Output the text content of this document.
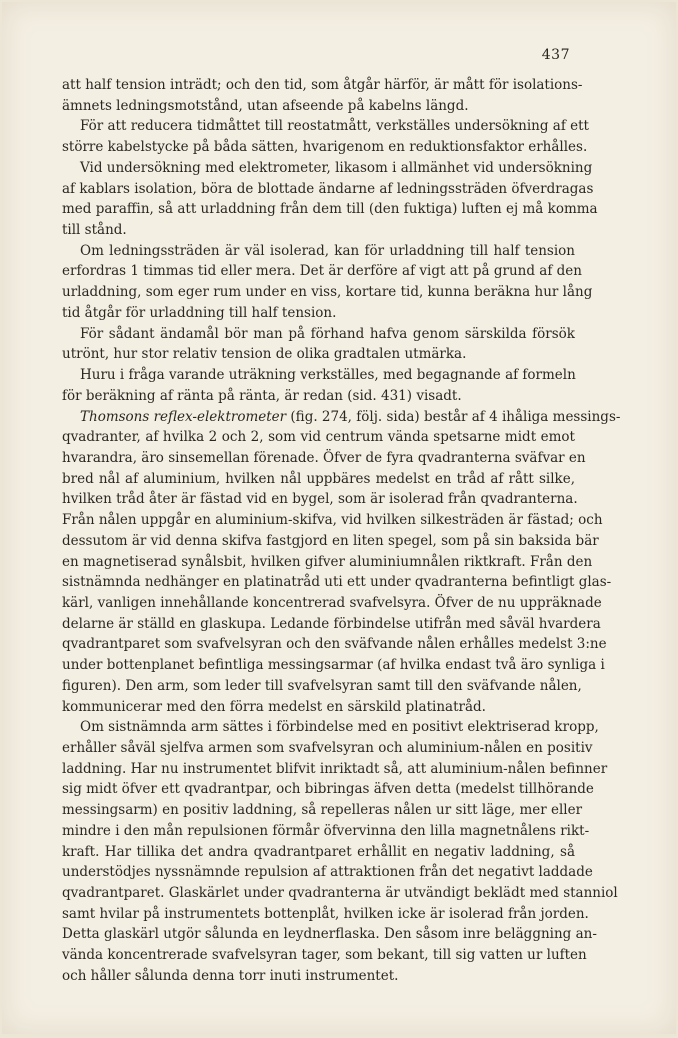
437
att half tension inträdt; och den tid, som åtgår härför, är mått för isolations-
ämnets ledningsmotstånd, utan afseende på kabelns längd.
För att reducera tidmåttet till reostatmått, verkställes undersökning af ett
större kabelstycke på båda sätten, hvarigenom en reduktionsfaktor erhålles.
Vid undersökning med elektrometer, likasom i allmänhet vid undersökning
af kablars isolation, böra de blottade ändarne af ledningssträden öfverdragas
med paraffin, så att urladdning från dem till (den fuktiga) luften ej må komma
till stånd.
Om ledningssträden är väl isolerad, kan för urladdning till half tension
erfordras 1 timmas tid eller mera. Det är derföre af vigt att på grund af den
urladdning, som eger rum under en viss, kortare tid, kunna beräkna hur lång
tid åtgår för urladdning till half tension.
För sådant ändamål bör man på förhand hafva genom särskilda försök
utrönt, hur stor relativ tension de olika gradtalen utmärka.
Huru i fråga varande uträkning verkställes, med begagnande af formeln
för beräkning af ränta på ränta, är redan (sid. 431) visadt.
Thomsons reflex-elektrometer (fig. 274, följ. sida) består af 4 ihåliga messings-
qvadranter, af hvilka 2 och 2, som vid centrum vända spetsarne midt emot
hvarandra, äro sinsemellan förenade. Öfver de fyra qvadranterna sväfvar en
bred nål af aluminium, hvilken nål uppbäres medelst en tråd af rått silke,
hvilken tråd åter är fästad vid en bygel, som är isolerad från qvadranterna.
Från nålen uppgår en aluminium-skifva, vid hvilken silkesträden är fästad; och
dessutom är vid denna skifva fastgjord en liten spegel, som på sin baksida bär
en magnetiserad synålsbit, hvilken gifver aluminiumnålen riktkraft. Från den
sistnämnda nedhänger en platinatråd uti ett under qvadranterna befintligt glas-
kärl, vanligen innehållande koncentrerad svafvelsyra. Öfver de nu uppräknade
delarne är ställd en glaskupa. Ledande förbindelse utifrån med såväl hvardera
qvadrantparet som svafvelsyran och den sväfvande nålen erhålles medelst 3:ne
under bottenplanet befintliga messingsarmar (af hvilka endast två äro synliga i
figuren). Den arm, som leder till svafvelsyran samt till den sväfvande nålen,
kommunicerar med den förra medelst en särskild platinatråd.
Om sistnämnda arm sättes i förbindelse med en positivt elektriserad kropp,
erhåller såväl sjelfva armen som svafvelsyran och aluminium-nålen en positiv
laddning. Har nu instrumentet blifvit inriktadt så, att aluminium-nålen befinner
sig midt öfver ett qvadrantpar, och bibringas äfven detta (medelst tillhörande
messingsarm) en positiv laddning, så repelleras nålen ur sitt läge, mer eller
mindre i den mån repulsionen förmår öfvervinna den lilla magnetnålens rikt-
kraft. Har tillika det andra qvadrantparet erhållit en negativ laddning, så
understödjes nyssnämnde repulsion af attraktionen från det negativt laddade
qvadrantparet. Glaskärlet under qvadranterna är utvändigt beklädt med stanniol
samt hvilar på instrumentets bottenplåt, hvilken icke är isolerad från jorden.
Detta glaskärl utgör sålunda en leydnerflaska. Den såsom inre beläggning an-
vända koncentrerade svafvelsyran tager, som bekant, till sig vatten ur luften
och håller sålunda denna torr inuti instrumentet.
